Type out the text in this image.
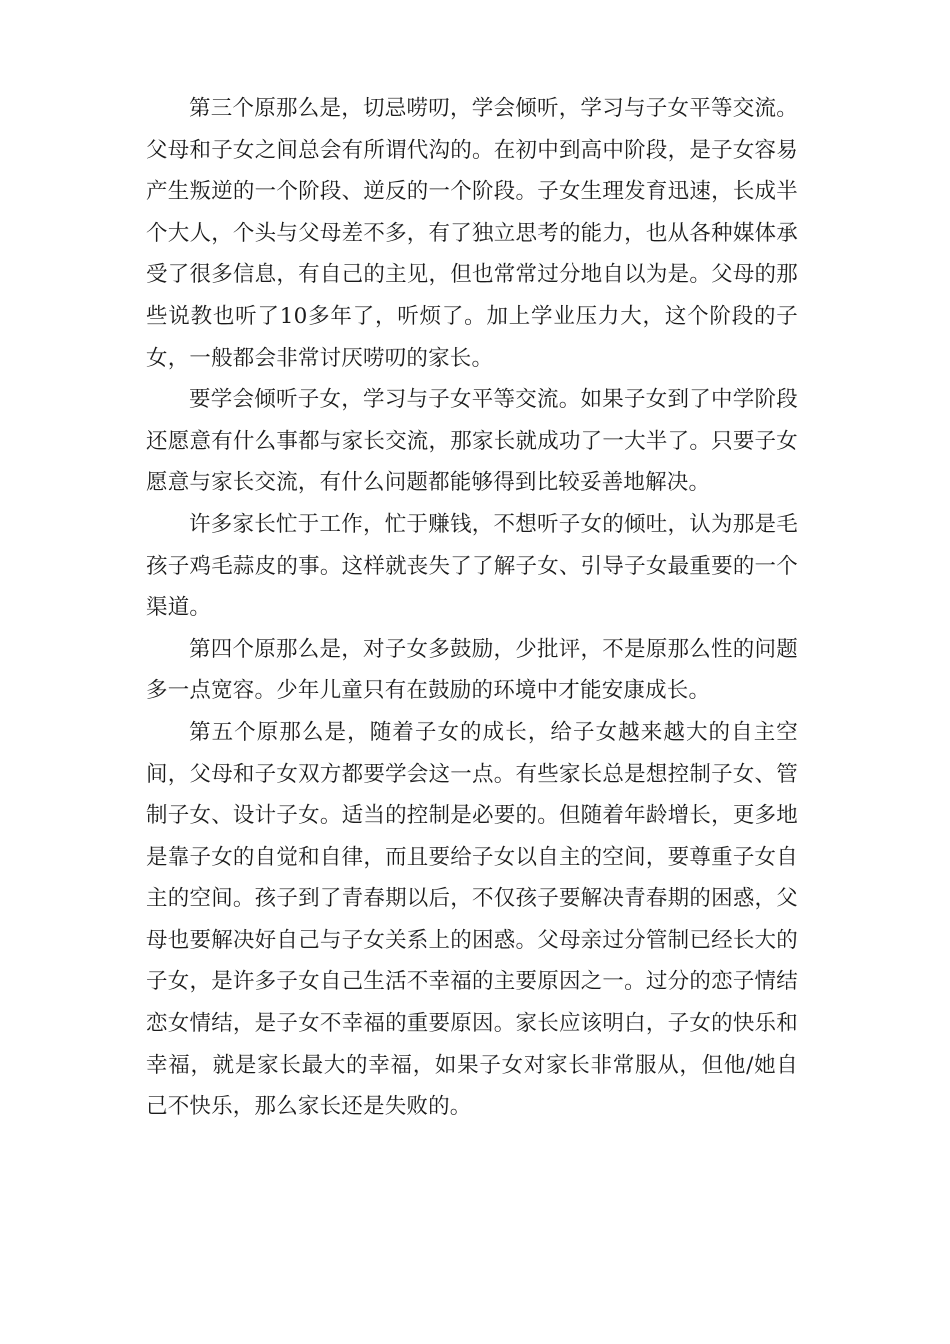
第三个原那么是，切忌唠叨，学会倾听，学习与子女平等交流。父母和子女之间总会有所谓代沟的。在初中到高中阶段，是子女容易产生叛逆的一个阶段、逆反的一个阶段。子女生理发育迅速，长成半个大人，个头与父母差不多，有了独立思考的能力，也从各种媒体承受了很多信息，有自己的主见，但也常常过分地自以为是。父母的那些说教也听了10多年了，听烦了。加上学业压力大，这个阶段的子女，一般都会非常讨厌唠叨的家长。

要学会倾听子女，学习与子女平等交流。如果子女到了中学阶段还愿意有什么事都与家长交流，那家长就成功了一大半了。只要子女愿意与家长交流，有什么问题都能够得到比较妥善地解决。

许多家长忙于工作，忙于赚钱，不想听子女的倾吐，认为那是毛孩子鸡毛蒜皮的事。这样就丧失了了解子女、引导子女最重要的一个渠道。

第四个原那么是，对子女多鼓励，少批评，不是原那么性的问题多一点宽容。少年儿童只有在鼓励的环境中才能安康成长。

第五个原那么是，随着子女的成长，给子女越来越大的自主空间，父母和子女双方都要学会这一点。有些家长总是想控制子女、管制子女、设计子女。适当的控制是必要的。但随着年龄增长，更多地是靠子女的自觉和自律，而且要给子女以自主的空间，要尊重子女自主的空间。孩子到了青春期以后，不仅孩子要解决青春期的困惑，父母也要解决好自己与子女关系上的困惑。父母亲过分管制已经长大的子女，是许多子女自己生活不幸福的主要原因之一。过分的恋子情结恋女情结，是子女不幸福的重要原因。家长应该明白，子女的快乐和幸福，就是家长最大的幸福，如果子女对家长非常服从，但他/她自己不快乐，那么家长还是失败的。
